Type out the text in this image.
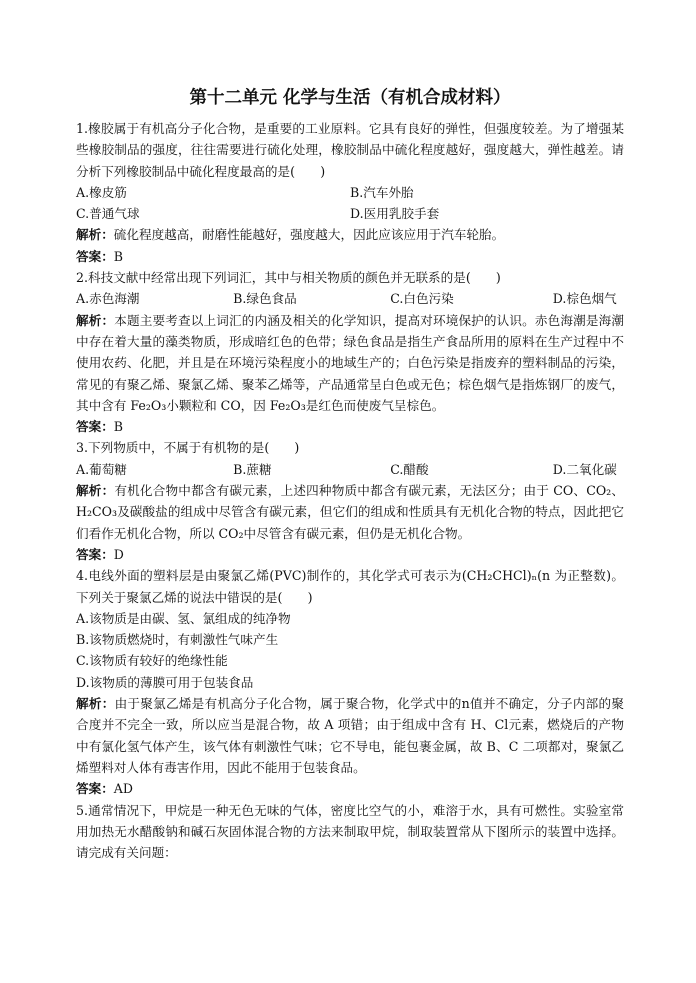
第十二单元 化学与生活（有机合成材料）

1.橡胶属于有机高分子化合物，是重要的工业原料。它具有良好的弹性，但强度较差。为了增强某些橡胶制品的强度，往往需要进行硫化处理，橡胶制品中硫化程度越好，强度越大，弹性越差。请分析下列橡胶制品中硫化程度最高的是(　　)

A.橡皮筋	B.汽车外胎
C.普通气球	D.医用乳胶手套

解析：硫化程度越高，耐磨性能越好，强度越大，因此应该应用于汽车轮胎。

答案：B

2.科技文献中经常出现下列词汇，其中与相关物质的颜色并无联系的是(　　)

A.赤色海潮	B.绿色食品	C.白色污染	D.棕色烟气

解析：本题主要考查以上词汇的内涵及相关的化学知识，提高对环境保护的认识。赤色海潮是海潮中存在着大量的藻类物质，形成暗红色的色带；绿色食品是指生产食品所用的原料在生产过程中不使用农药、化肥，并且是在环境污染程度小的地域生产的；白色污染是指废弃的塑料制品的污染，常见的有聚乙烯、聚氯乙烯、聚苯乙烯等，产品通常呈白色或无色；棕色烟气是指炼钢厂的废气，其中含有 Fe₂O₃小颗粒和 CO，因 Fe₂O₃是红色而使废气呈棕色。

答案：B

3.下列物质中，不属于有机物的是(　　)

A.葡萄糖	B.蔗糖	C.醋酸	D.二氧化碳

解析：有机化合物中都含有碳元素，上述四种物质中都含有碳元素，无法区分；由于 CO、CO₂、H₂CO₃及碳酸盐的组成中尽管含有碳元素，但它们的组成和性质具有无机化合物的特点，因此把它们看作无机化合物，所以 CO₂中尽管含有碳元素，但仍是无机化合物。

答案：D

4.电线外面的塑料层是由聚氯乙烯(PVC)制作的，其化学式可表示为(CH₂CHCl)ₙ(n 为正整数)。下列关于聚氯乙烯的说法中错误的是(　　)

A.该物质是由碳、氢、氯组成的纯净物
B.该物质燃烧时，有刺激性气味产生
C.该物质有较好的绝缘性能
D.该物质的薄膜可用于包装食品

解析：由于聚氯乙烯是有机高分子化合物，属于聚合物，化学式中的n值并不确定，分子内部的聚合度并不完全一致，所以应当是混合物，故 A 项错；由于组成中含有 H、Cl元素，燃烧后的产物中有氯化氢气体产生，该气体有刺激性气味；它不导电，能包裹金属，故 B、C 二项都对，聚氯乙烯塑料对人体有毒害作用，因此不能用于包装食品。

答案：AD

5.通常情况下，甲烷是一种无色无味的气体，密度比空气的小，难溶于水，具有可燃性。实验室常用加热无水醋酸钠和碱石灰固体混合物的方法来制取甲烷，制取装置常从下图所示的装置中选择。请完成有关问题：
